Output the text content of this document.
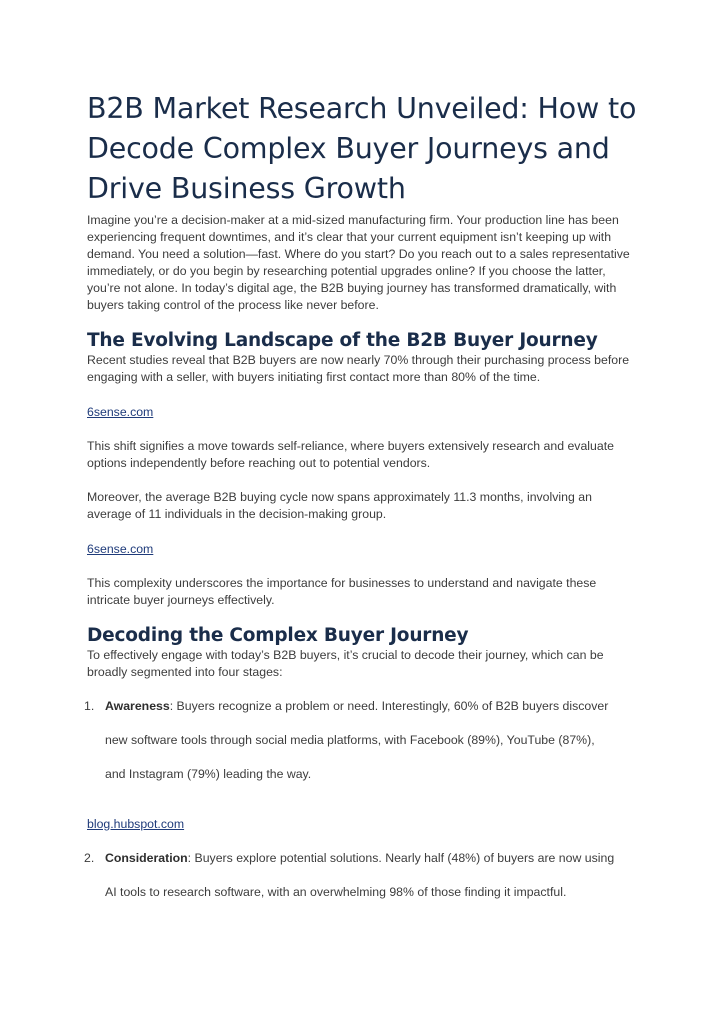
B2B Market Research Unveiled: How to Decode Complex Buyer Journeys and Drive Business Growth

Imagine you’re a decision-maker at a mid-sized manufacturing firm. Your production line has been experiencing frequent downtimes, and it’s clear that your current equipment isn’t keeping up with demand. You need a solution—fast. Where do you start? Do you reach out to a sales representative immediately, or do you begin by researching potential upgrades online? If you choose the latter, you’re not alone. In today’s digital age, the B2B buying journey has transformed dramatically, with buyers taking control of the process like never before.

The Evolving Landscape of the B2B Buyer Journey

Recent studies reveal that B2B buyers are now nearly 70% through their purchasing process before engaging with a seller, with buyers initiating first contact more than 80% of the time.

6sense.com

This shift signifies a move towards self-reliance, where buyers extensively research and evaluate options independently before reaching out to potential vendors.

Moreover, the average B2B buying cycle now spans approximately 11.3 months, involving an average of 11 individuals in the decision-making group.

6sense.com

This complexity underscores the importance for businesses to understand and navigate these intricate buyer journeys effectively.

Decoding the Complex Buyer Journey

To effectively engage with today’s B2B buyers, it’s crucial to decode their journey, which can be broadly segmented into four stages:

1. Awareness: Buyers recognize a problem or need. Interestingly, 60% of B2B buyers discover
new software tools through social media platforms, with Facebook (89%), YouTube (87%),
and Instagram (79%) leading the way.
blog.hubspot.com
2. Consideration: Buyers explore potential solutions. Nearly half (48%) of buyers are now using
AI tools to research software, with an overwhelming 98% of those finding it impactful.
